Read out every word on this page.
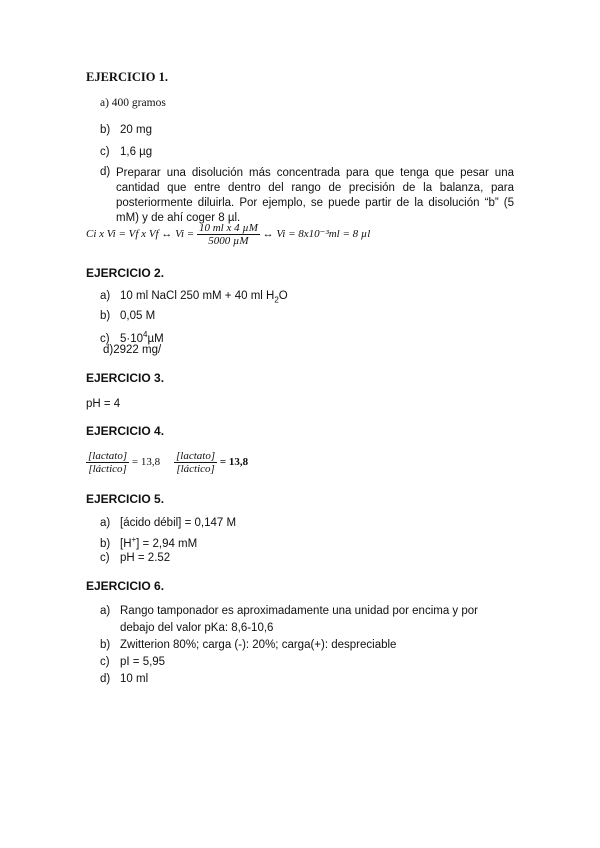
EJERCICIO 1.
a) 400 gramos
b) 20 mg
c) 1,6 µg
d) Preparar una disolución más concentrada para que tenga que pesar una cantidad que entre dentro del rango de precisión de la balanza, para posteriormente diluirla. Por ejemplo, se puede partir de la disolución “b” (5 mM) y de ahí coger 8 µl.
Ci x Vi = Vf x Vf ↔ $Vi = \frac{\text{10 ml x 4 µM}}{\text{5000 µM}}$ ↔ Vi = 8x10⁻³ml = 8 µl
EJERCICIO 2.
a) 10 ml NaCl 250 mM + 40 ml $H_2O$
b) 0,05 M
c) $5\cdot 10^4\mu M$
d)2922 mg/
EJERCICIO 3.
pH = 4
EJERCICIO 4.
$\frac{\text{[lactato]}}{\text{[láctico]}} = 13,8 \frac{\text{[lactato]}}{\text{[láctico]}} = 13,8$
EJERCICIO 5.
a) [ácido débil] = 0,147 M
b) [H+] = 2,94 mM
c) pH = 2.52
EJERCICIO 6.
a) Rango tamponador es aproximadamente una unidad por encima y por
debajo del valor pKa: 8,6-10,6
b) Zwitterion 80%; carga (-): 20%; carga(+): despreciable
c) pI = 5,95
d) 10 ml
